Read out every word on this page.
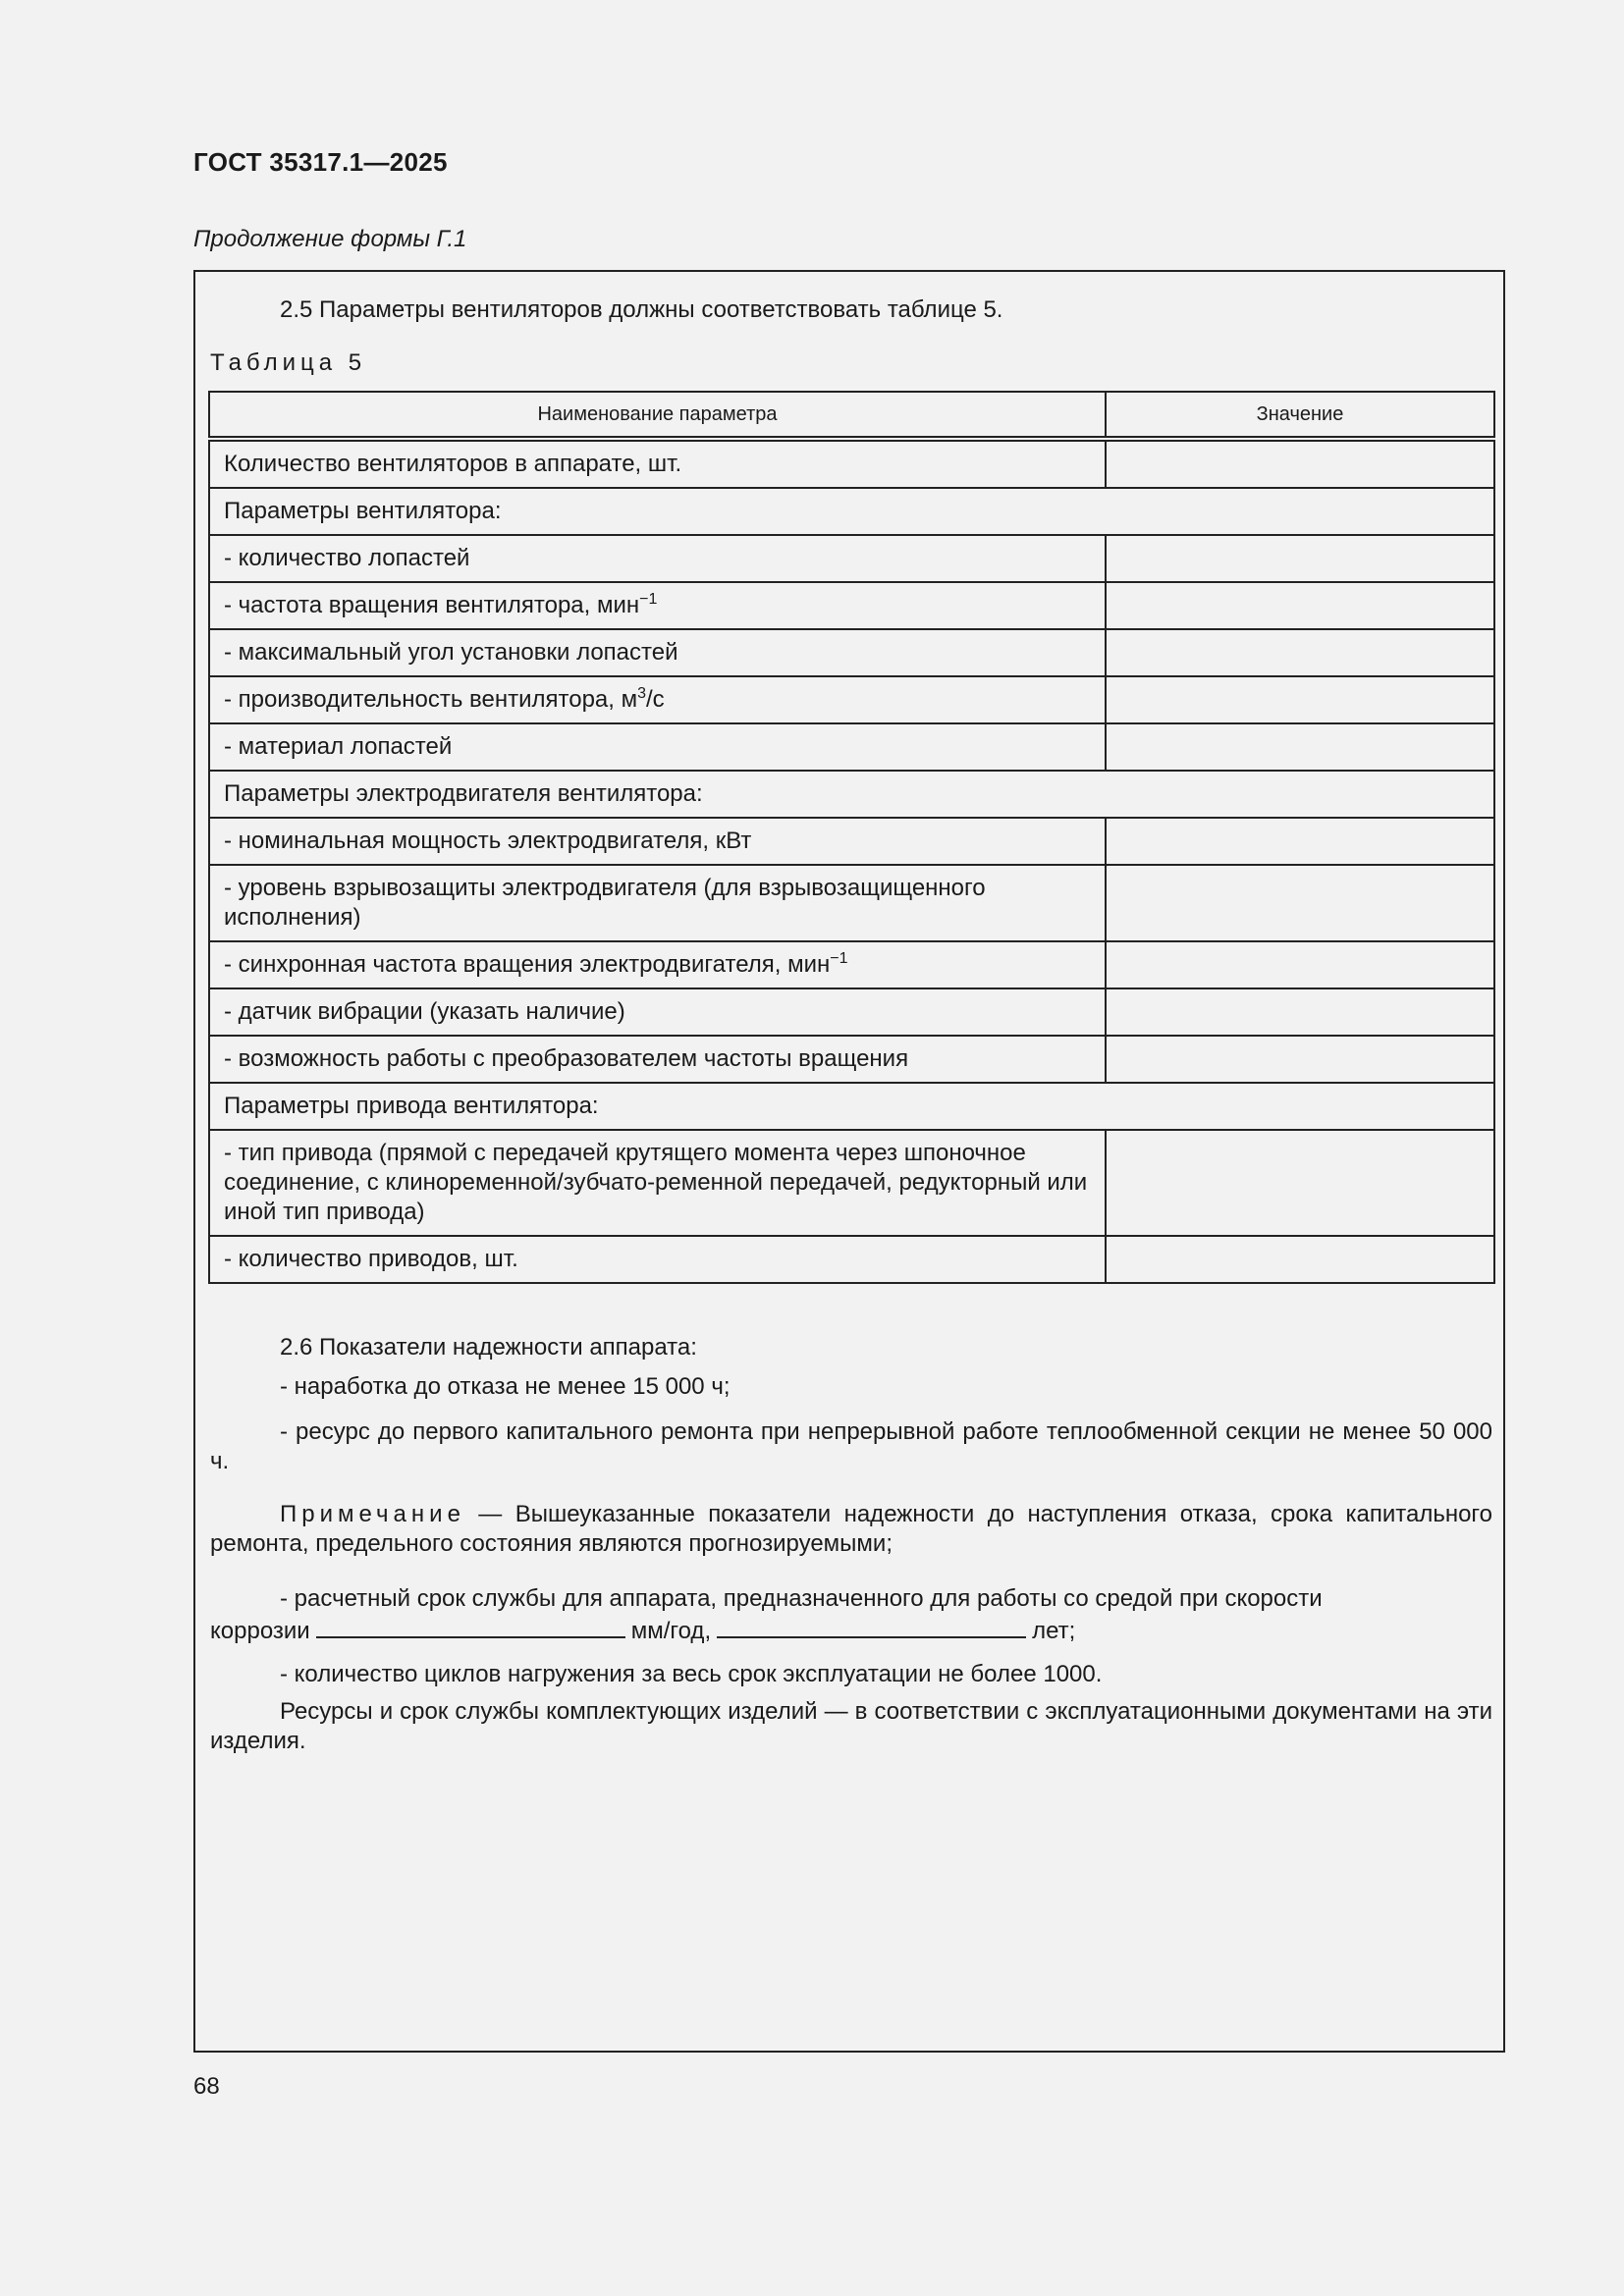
ГОСТ 35317.1—2025
Продолжение формы Г.1
2.5 Параметры вентиляторов должны соответствовать таблице 5.
Таблица 5
Наименование параметра	Значение
Количество вентиляторов в аппарате, шт.	
Параметры вентилятора:	
- количество лопастей	
- частота вращения вентилятора, мин$^{-1}$	
- максимальный угол установки лопастей	
- производительность вентилятора, $м^3/с$	
- материал лопастей	
Параметры электродвигателя вентилятора:	
- номинальная мощность электродвигателя, кВт	
- уровень взрывозащиты электродвигателя (для взрывозащищенного исполнения)	
- синхронная частота вращения электродвигателя, мин$^{-1}$	
- датчик вибрации (указать наличие)	
- возможность работы с преобразователем частоты вращения	
Параметры привода вентилятора:	
- тип привода (прямой с передачей крутящего момента через шпоночное соединение, с клиноременной/зубчато-ременной передачей, редукторный или иной тип привода)	
- количество приводов, шт.	
2.6 Показатели надежности аппарата:
- наработка до отказа не менее 15 000 ч;
- ресурс до первого капитального ремонта при непрерывной работе теплообменной секции не менее 50 000 ч.
Примечание — Вышеуказанные показатели надежности до наступления отказа, срока капитального ремонта, предельного состояния являются прогнозируемыми;
- расчетный срок службы для аппарата, предназначенного для работы со средой при скорости
коррозии	мм/год,	лет;
- количество циклов нагружения за весь срок эксплуатации не более 1000.
Ресурсы и срок службы комплектующих изделий — в соответствии с эксплуатационными документами на эти изделия.
68
